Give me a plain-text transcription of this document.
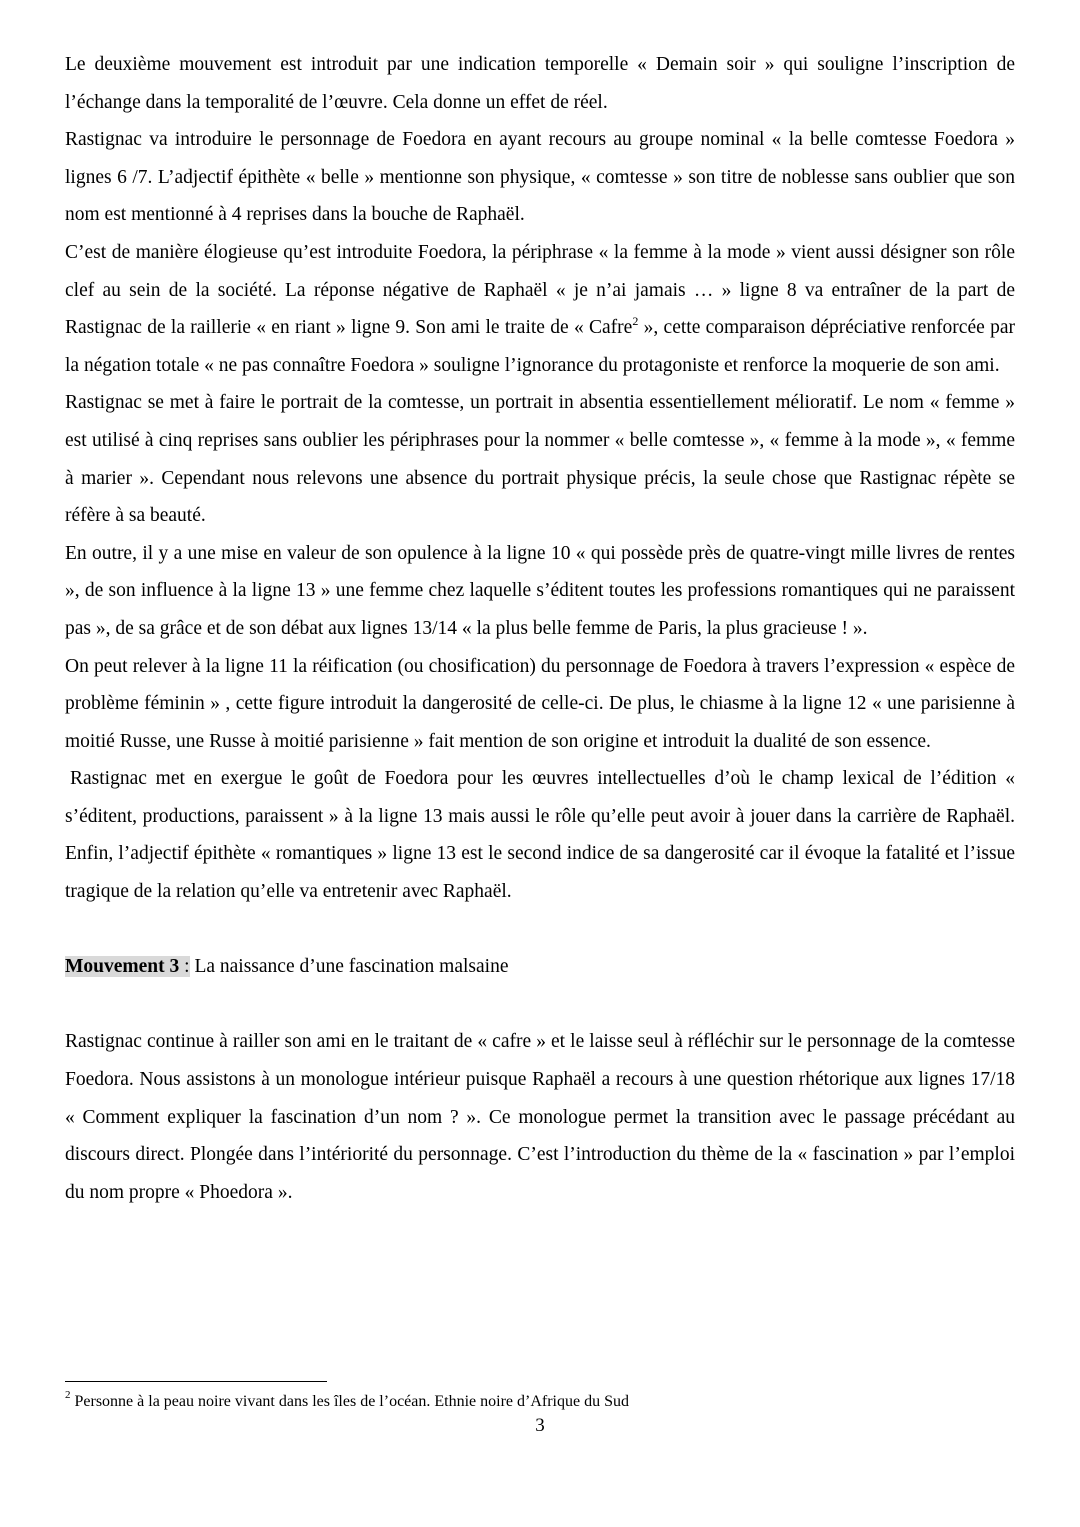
Le deuxième mouvement est introduit par une indication temporelle « Demain soir » qui souligne l’inscription de l’échange dans la temporalité de l’œuvre. Cela donne un effet de réel.

Rastignac va introduire le personnage de Foedora en ayant recours au groupe nominal « la belle comtesse Foedora » lignes 6 /7. L’adjectif épithète « belle » mentionne son physique, « comtesse » son titre de noblesse sans oublier que son nom est mentionné à 4 reprises dans la bouche de Raphaël.

C’est de manière élogieuse qu’est introduite Foedora, la périphrase « la femme à la mode » vient aussi désigner son rôle clef au sein de la société. La réponse négative de Raphaël « je n’ai jamais … » ligne 8 va entraîner de la part de Rastignac de la raillerie « en riant » ligne 9. Son ami le traite de « Cafre$^2$ », cette comparaison dépréciative renforcée par la négation totale « ne pas connaître Foedora » souligne l’ignorance du protagoniste et renforce la moquerie de son ami.

Rastignac se met à faire le portrait de la comtesse, un portrait in absentia essentiellement mélioratif. Le nom « femme » est utilisé à cinq reprises sans oublier les périphrases pour la nommer « belle comtesse », « femme à la mode », « femme à marier ». Cependant nous relevons une absence du portrait physique précis, la seule chose que Rastignac répète se réfère à sa beauté.

En outre, il y a une mise en valeur de son opulence à la ligne 10 « qui possède près de quatre-vingt mille livres de rentes », de son influence à la ligne 13 » une femme chez laquelle s’éditent toutes les professions romantiques qui ne paraissent pas », de sa grâce et de son débat aux lignes 13/14 « la plus belle femme de Paris, la plus gracieuse ! ».

On peut relever à la ligne 11 la réification (ou chosification) du personnage de Foedora à travers l’expression « espèce de problème féminin » , cette figure introduit la dangerosité de celle-ci. De plus, le chiasme à la ligne 12 « une parisienne à moitié Russe, une Russe à moitié parisienne » fait mention de son origine et introduit la dualité de son essence.

Rastignac met en exergue le goût de Foedora pour les œuvres intellectuelles d’où le champ lexical de l’édition « s’éditent, productions, paraissent » à la ligne 13 mais aussi le rôle qu’elle peut avoir à jouer dans la carrière de Raphaël. Enfin, l’adjectif épithète « romantiques » ligne 13 est le second indice de sa dangerosité car il évoque la fatalité et l’issue tragique de la relation qu’elle va entretenir avec Raphaël.

Mouvement 3 : La naissance d’une fascination malsaine

Rastignac continue à railler son ami en le traitant de « cafre » et le laisse seul à réfléchir sur le personnage de la comtesse Foedora. Nous assistons à un monologue intérieur puisque Raphaël a recours à une question rhétorique aux lignes 17/18 « Comment expliquer la fascination d’un nom ? ». Ce monologue permet la transition avec le passage précédant au discours direct. Plongée dans l’intériorité du personnage. C’est l’introduction du thème de la « fascination » par l’emploi du nom propre « Phoedora ».

$^2$ Personne à la peau noire vivant dans les îles de l’océan. Ethnie noire d’Afrique du Sud
3
